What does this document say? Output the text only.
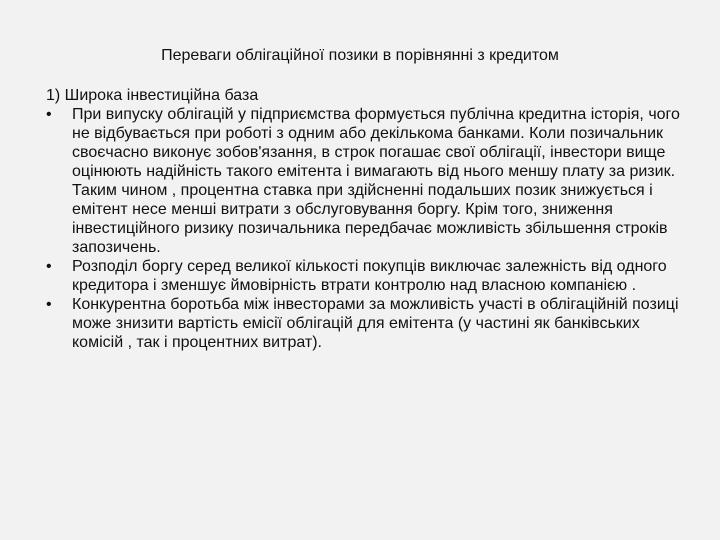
Переваги облігаційної позики в порівнянні з кредитом

1) Широка інвестиційна база

•	При випуску облігацій у підприємства формується публічна кредитна історія, чого не відбувається при роботі з одним або декількома банками. Коли позичальник своєчасно виконує зобов'язання, в строк погашає свої облігації, інвестори вище оцінюють надійність такого емітента і вимагають від нього меншу плату за ризик. Таким чином , процентна ставка при здійсненні подальших позик знижується і емітент несе менші витрати з обслуговування боргу. Крім того, зниження інвестиційного ризику позичальника передбачає можливість збільшення строків запозичень.
•	Розподіл боргу серед великої кількості покупців виключає залежність від одного кредитора і зменшує ймовірність втрати контролю над власною компанією .
•	Конкурентна боротьба між інвесторами за можливість участі в облігаційній позиці може знизити вартість емісії облігацій для емітента (у частині як банківських комісій , так і процентних витрат).
